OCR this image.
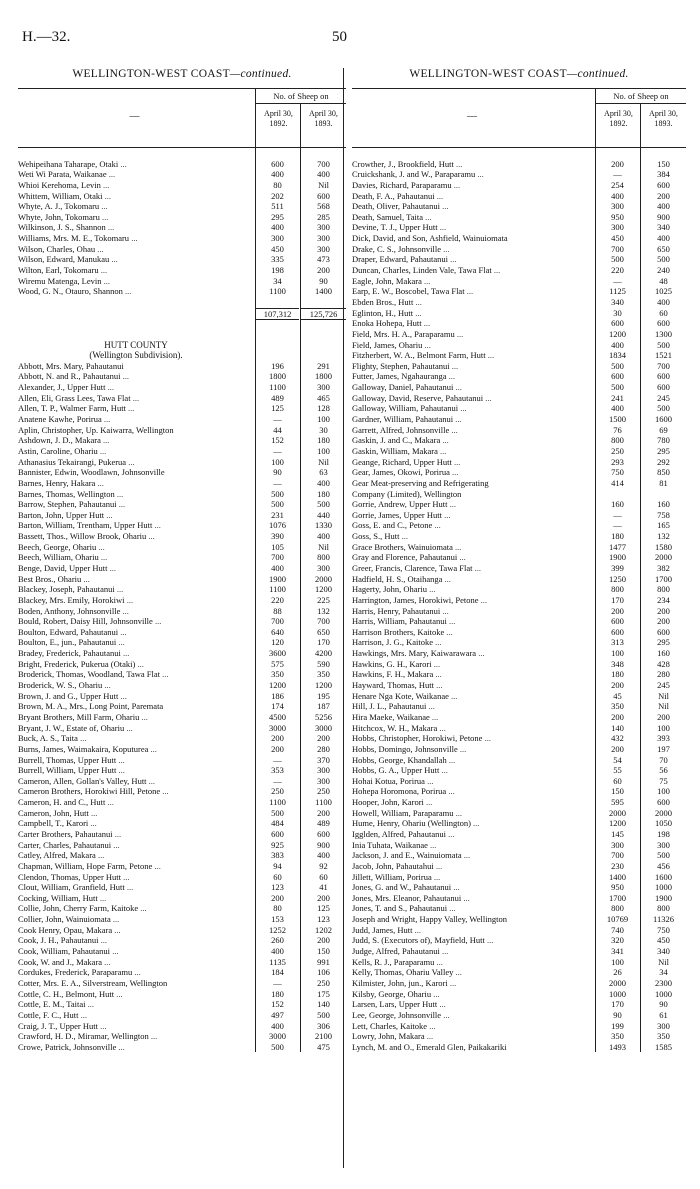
H.—32.	50
WELLINGTON-WEST COAST—continued.
—
No. of Sheep on
April 30, 1892.
April 30, 1893.
Wehipeihana Taharape, Otaki ...	600	700
Weti Wi Parata, Waikanae ...	400	400
Whioi Kerehoma, Levin ...	80	Nil
Whittem, William, Otaki ...	202	600
Whyte, A. J., Tokomaru ...	511	568
Whyte, John, Tokomaru ...	295	285
Wilkinson, J. S., Shannon ...	400	300
Williams, Mrs. M. E., Tokomaru ...	300	300
Wilson, Charles, Ohau ...	450	300
Wilson, Edward, Manukau ...	335	473
Wilton, Earl, Tokomaru ...	198	200
Wiremu Matenga, Levin ...	34	90
Wood, G. N., Otauro, Shannon ...	1100	1400
107,312	125,726
HUTT COUNTY
(Wellington Subdivision).
Abbott, Mrs. Mary, Pahautanui	196	291
Abbott, N. and R., Pahautanui ...	1800	1800
Alexander, J., Upper Hutt ...	1100	300
Allen, Eli, Grass Lees, Tawa Flat ...	489	465
Allen, T. P., Walmer Farm, Hutt ...	125	128
Anatene Kawhe, Porirua ...	—	100
Aplin, Christopher, Up. Kaiwarra, Wellington	44	30
Ashdown, J. D., Makara ...	152	180
Astin, Caroline, Ohariu ...	—	100
Athanasius Tekairangi, Pukerua ...	100	Nil
Bannister, Edwin, Woodlawn, Johnsonville	90	63
Barnes, Henry, Hakara ...	—	400
Barnes, Thomas, Wellington ...	500	180
Barrow, Stephen, Pahautanui ...	500	500
Barton, John, Upper Hutt ...	231	440
Barton, William, Trentham, Upper Hutt ...	1076	1330
Bassett, Thos., Willow Brook, Ohariu ...	390	400
Beech, George, Ohariu ...	105	Nil
Beech, William, Ohariu ...	700	800
Benge, David, Upper Hutt ...	400	300
Best Bros., Ohariu ...	1900	2000
Blackey, Joseph, Pahautanui ...	1100	1200
Blackey, Mrs. Emily, Horokiwi ...	220	225
Boden, Anthony, Johnsonville ...	88	132
Bould, Robert, Daisy Hill, Johnsonville ...	700	700
Boulton, Edward, Pahautanui ...	640	650
Boulton, E., jun., Pahautanui ...	120	170
Bradey, Frederick, Pahautanui ...	3600	4200
Bright, Frederick, Pukerua (Otaki) ...	575	590
Broderick, Thomas, Woodland, Tawa Flat ...	350	350
Broderick, W. S., Ohariu ...	1200	1200
Brown, J. and G., Upper Hutt ...	186	195
Brown, M. A., Mrs., Long Point, Paremata	174	187
Bryant Brothers, Mill Farm, Ohariu ...	4500	5256
Bryant, J. W., Estate of, Ohariu ...	3000	3000
Buck, A. S., Taita ...	200	200
Burns, James, Waimakaira, Koputurea ...	200	280
Burrell, Thomas, Upper Hutt ...	—	370
Burrell, William, Upper Hutt ...	353	300
Cameron, Allen, Gollan's Valley, Hutt ...	—	300
Cameron Brothers, Horokiwi Hill, Petone ...	250	250
Cameron, H. and C., Hutt ...	1100	1100
Cameron, John, Hutt ...	500	200
Campbell, T., Karori ...	484	489
Carter Brothers, Pahautanui ...	600	600
Carter, Charles, Pahautanui ...	925	900
Catley, Alfred, Makara ...	383	400
Chapman, William, Hope Farm, Petone ...	94	92
Clendon, Thomas, Upper Hutt ...	60	60
Clout, William, Granfield, Hutt ...	123	41
Cocking, William, Hutt ...	200	200
Collie, John, Cherry Farm, Kaitoke ...	80	125
Collier, John, Wainuiomata ...	153	123
Cook Henry, Opau, Makara ...	1252	1202
Cook, J. H., Pahautanui ...	260	200
Cook, William, Pahautanui ...	400	150
Cook, W. and J., Makara ...	1135	991
Cordukes, Frederick, Paraparamu ...	184	106
Cotter, Mrs. E. A., Silverstream, Wellington	—	250
Cottle, C. H., Belmont, Hutt ...	180	175
Cottle, E. M., Taitai ...	152	140
Cottle, F. C., Hutt ...	497	500
Craig, J. T., Upper Hutt ...	400	306
Crawford, H. D., Miramar, Wellington ...	3000	2100
Crowe, Patrick, Johnsonville ...	500	475
WELLINGTON-WEST COAST—continued.
—
No. of Sheep on
April 30, 1892.
April 30, 1893.
Crowther, J., Brookfield, Hutt ...	200	150
Cruickshank, J. and W., Paraparamu ...	—	384
Davies, Richard, Paraparamu ...	254	600
Death, F. A., Pahautanui ...	400	200
Death, Oliver, Pahautanui ...	300	400
Death, Samuel, Taita ...	950	900
Devine, T. J., Upper Hutt ...	300	340
Dick, David, and Son, Ashfield, Wainuiomata	450	400
Drake, C. S., Johnsonville ...	700	650
Draper, Edward, Pahautanui ...	500	500
Duncan, Charles, Linden Vale, Tawa Flat ...	220	240
Eagle, John, Makara ...	—	48
Earp, E. W., Boscobel, Tawa Flat ...	1125	1025
Ebden Bros., Hutt ...	340	400
Eglinton, H., Hutt ...	30	60
Enoka Hohepa, Hutt ...	600	600
Field, Mrs. H. A., Paraparamu ...	1200	1300
Field, James, Ohariu ...	400	500
Fitzherbert, W. A., Belmont Farm, Hutt ...	1834	1521
Flighty, Stephen, Pahautanui ...	500	700
Futter, James, Ngahauranga ...	600	600
Galloway, Daniel, Pahautanui ...	500	600
Galloway, David, Reserve, Pahautanui ...	241	245
Galloway, William, Pahautanui ...	400	500
Gardner, William, Pahautanui ...	1500	1600
Garrett, Alfred, Johnsonville ...	76	69
Gaskin, J. and C., Makara ...	800	780
Gaskin, William, Makara ...	250	295
Geange, Richard, Upper Hutt ...	293	292
Gear, James, Okowi, Porirua ...	750	850
Gear Meat-preserving and Refrigerating	414	81
Company (Limited), Wellington
Gorrie, Andrew, Upper Hutt ...	160	160
Gorrie, James, Upper Hutt ...	—	758
Goss, E. and C., Petone ...	—	165
Goss, S., Hutt ...	180	132
Grace Brothers, Wainuiomata ...	1477	1580
Gray and Florence, Pahautanui ...	1900	2000
Greer, Francis, Clarence, Tawa Flat ...	399	382
Hadfield, H. S., Otaihanga ...	1250	1700
Hagerty, John, Ohariu ...	800	800
Harrington, James, Horokiwi, Petone ...	170	234
Harris, Henry, Pahautanui ...	200	200
Harris, William, Pahautanui ...	600	200
Harrison Brothers, Kaitoke ...	600	600
Harrison, J. G., Kaitoke ...	313	295
Hawkings, Mrs. Mary, Kaiwarawara ...	100	160
Hawkins, G. H., Karori ...	348	428
Hawkins, F. H., Makara ...	180	280
Hayward, Thomas, Hutt ...	200	245
Henare Nga Kote, Waikanae ...	45	Nil
Hill, J. L., Pahautanui ...	350	Nil
Hira Maeke, Waikanae ...	200	200
Hitchcox, W. H., Makara ...	140	100
Hobbs, Christopher, Horokiwi, Petone ...	432	393
Hobbs, Domingo, Johnsonville ...	200	197
Hobbs, George, Khandallah ...	54	70
Hobbs, G. A., Upper Hutt ...	55	56
Hohai Kotua, Porirua ...	60	75
Hohepa Horomona, Porirua ...	150	100
Hooper, John, Karori ...	595	600
Howell, William, Paraparamu ...	2000	2000
Hume, Henry, Ohariu (Wellington) ...	1200	1050
Igglden, Alfred, Pahautanui ...	145	198
Inia Tuhata, Waikanae ...	300	300
Jackson, J. and E., Wainuiomata ...	700	500
Jacob, John, Pahautahui ...	230	456
Jillett, William, Porirua ...	1400	1600
Jones, G. and W., Pahautanui ...	950	1000
Jones, Mrs. Eleanor, Pahautanui ...	1700	1900
Jones, T. and S., Pahautanui ...	800	800
Joseph and Wright, Happy Valley, Wellington	10769	11326
Judd, James, Hutt ...	740	750
Judd, S. (Executors of), Mayfield, Hutt ...	320	450
Judge, Alfred, Pahautanui ...	341	340
Kells, R. J., Paraparamu ...	100	Nil
Kelly, Thomas, Ohariu Valley ...	26	34
Kilmister, John, jun., Karori ...	2000	2300
Kilsby, George, Ohariu ...	1000	1000
Larsen, Lars, Upper Hutt ...	170	90
Lee, George, Johnsonville ...	90	61
Lett, Charles, Kaitoke ...	199	300
Lowry, John, Makara ...	350	350
Lynch, M. and O., Emerald Glen, Paikakariki	1493	1585
